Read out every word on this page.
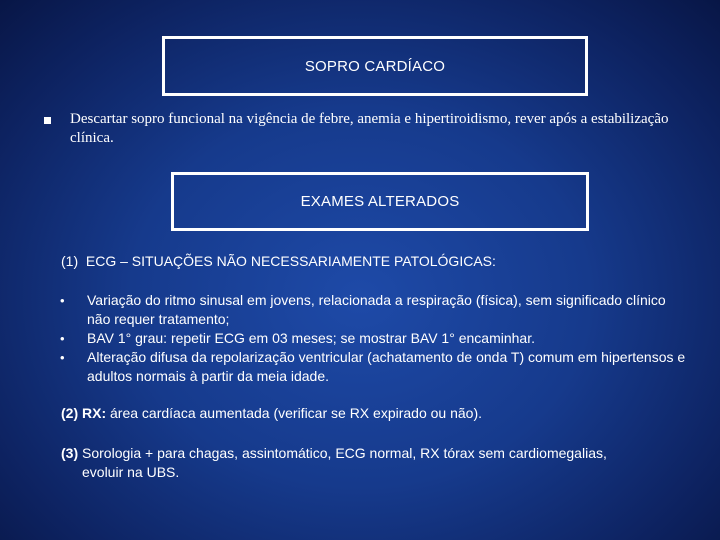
SOPRO CARDÍACO
Descartar sopro funcional na vigência de febre, anemia e hipertiroidismo, rever após a estabilização clínica.
EXAMES ALTERADOS
(1) ECG – SITUAÇÕES NÃO NECESSARIAMENTE PATOLÓGICAS:
• Variação do ritmo sinusal em jovens, relacionada a respiração (física), sem significado clínico não requer tratamento;
• BAV 1° grau: repetir ECG em 03 meses; se mostrar BAV 1° encaminhar.
• Alteração difusa da repolarização ventricular (achatamento de onda T) comum em hipertensos e adultos normais à partir da meia idade.
(2) RX: área cardíaca aumentada (verificar se RX expirado ou não).
(3) Sorologia + para chagas, assintomático, ECG normal, RX tórax sem cardiomegalias,
evoluir na UBS.
